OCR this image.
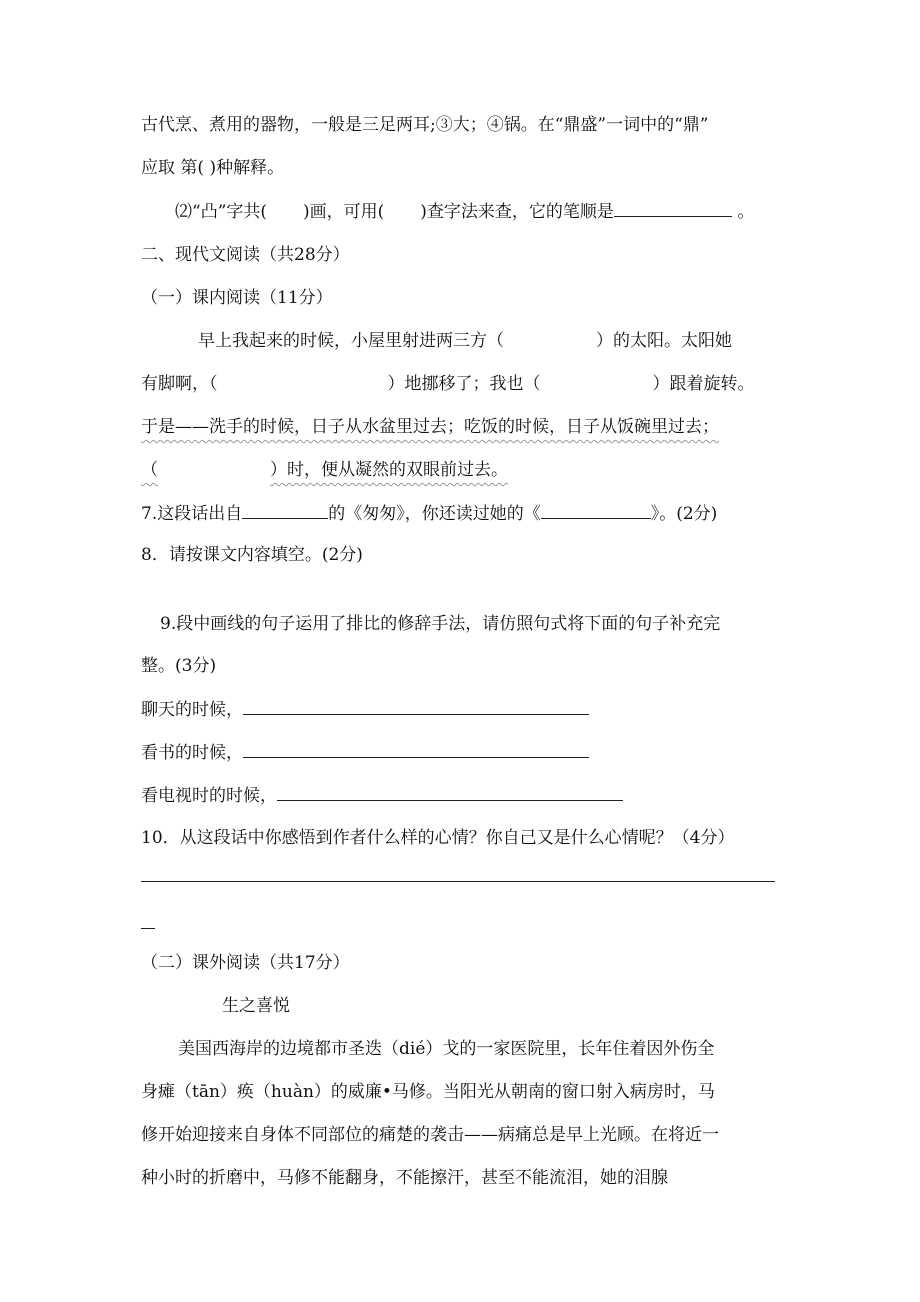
古代烹、煮用的器物，一般是三足两耳;③大；④锅。在“鼎盛”一词中的“鼎”
应取 第( )种解释。
⑵“凸”字共( )画，可用( )查字法来查，它的笔顺是	。
二、现代文阅读（共28分）
（一）课内阅读（11分）
早上我起来的时候，小屋里射进两三方（	）的太阳。太阳她
有脚啊，（	）地挪移了；我也（	）跟着旋转。
于是——洗手的时候，日子从水盆里过去；吃饭的时候，日子从饭碗里过去；
（	）时，便从凝然的双眼前过去。
7.这段话出自	的《匆匆》，你还读过她的《	》。(2分)
8．请按课文内容填空。(2分)
9.段中画线的句子运用了排比的修辞手法，请仿照句式将下面的句子补充完
整。(3分)
聊天的时候，
看书的时候，
看电视时的时候，
10．从这段话中你感悟到作者什么样的心情？你自己又是什么心情呢？（4分）
（二）课外阅读（共17分）
生之喜悦
美国西海岸的边境都市圣迭（dié）戈的一家医院里，长年住着因外伤全
身瘫（tān）痪（huàn）的威廉•马修。当阳光从朝南的窗口射入病房时，马
修开始迎接来自身体不同部位的痛楚的袭击——病痛总是早上光顾。在将近一
种小时的折磨中，马修不能翻身，不能擦汗，甚至不能流泪，她的泪腺
